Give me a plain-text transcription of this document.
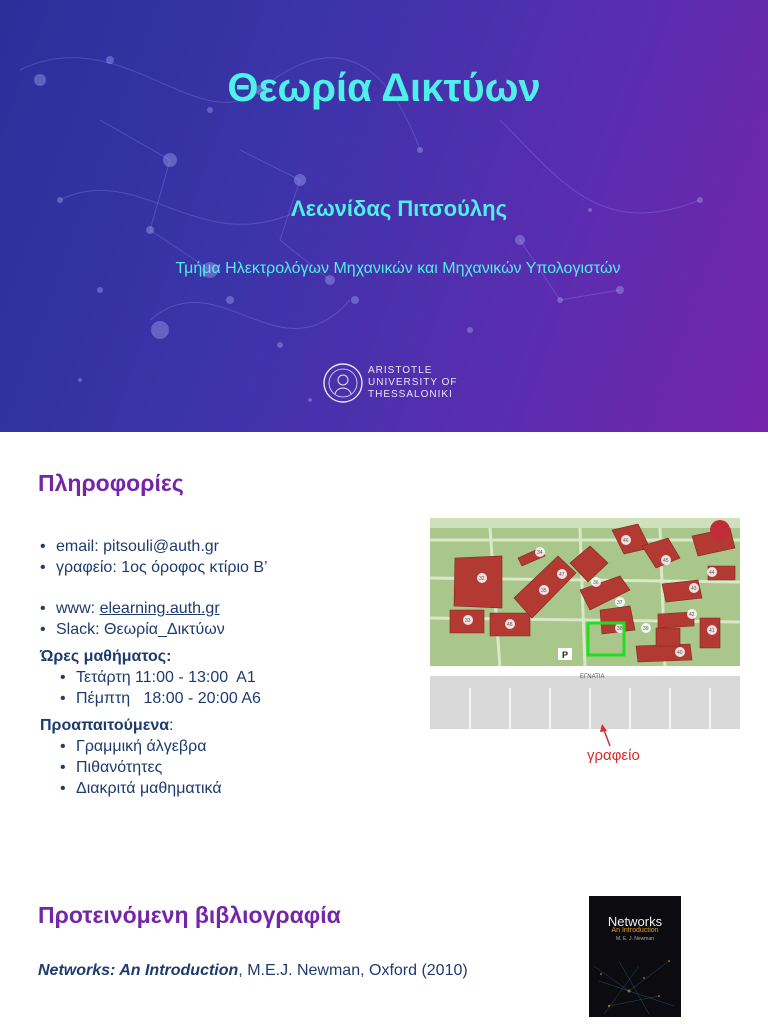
Θεωρία Δικτύων
Λεωνίδας Πιτσούλης
Τμήμα Ηλεκτρολόγων Μηχανικών και Μηχανικών Υπολογιστών
ARISTOTLE
UNIVERSITY OF
THESSALONIKI
Πληροφορίες
• email: pitsouli@auth.gr
• γραφείο: 1ος όροφος κτίριο Β’
• www: elearning.auth.gr
• Slack: Θεωρία_Δικτύων
Ώρες μαθήματος:
• Τετάρτη 11:00 - 13:00  Α1
• Πέμπτη   18:00 - 20:00 Α6
Προαπαιτούμενα:
• Γραμμική άλγεβρα
• Πιθανότητες
• Διακριτά μαθηματικά
ΕΓΝΑΤΙΑ
P
32
33
34
35
36
37
38	39
40
41
42
43
44
45
46
47
48
γραφείο
Προτεινόμενη βιβλιογραφία
Networks: An Introduction, M.E.J. Newman, Oxford (2010)
Networks
An Introduction
M. E. J. Newman
